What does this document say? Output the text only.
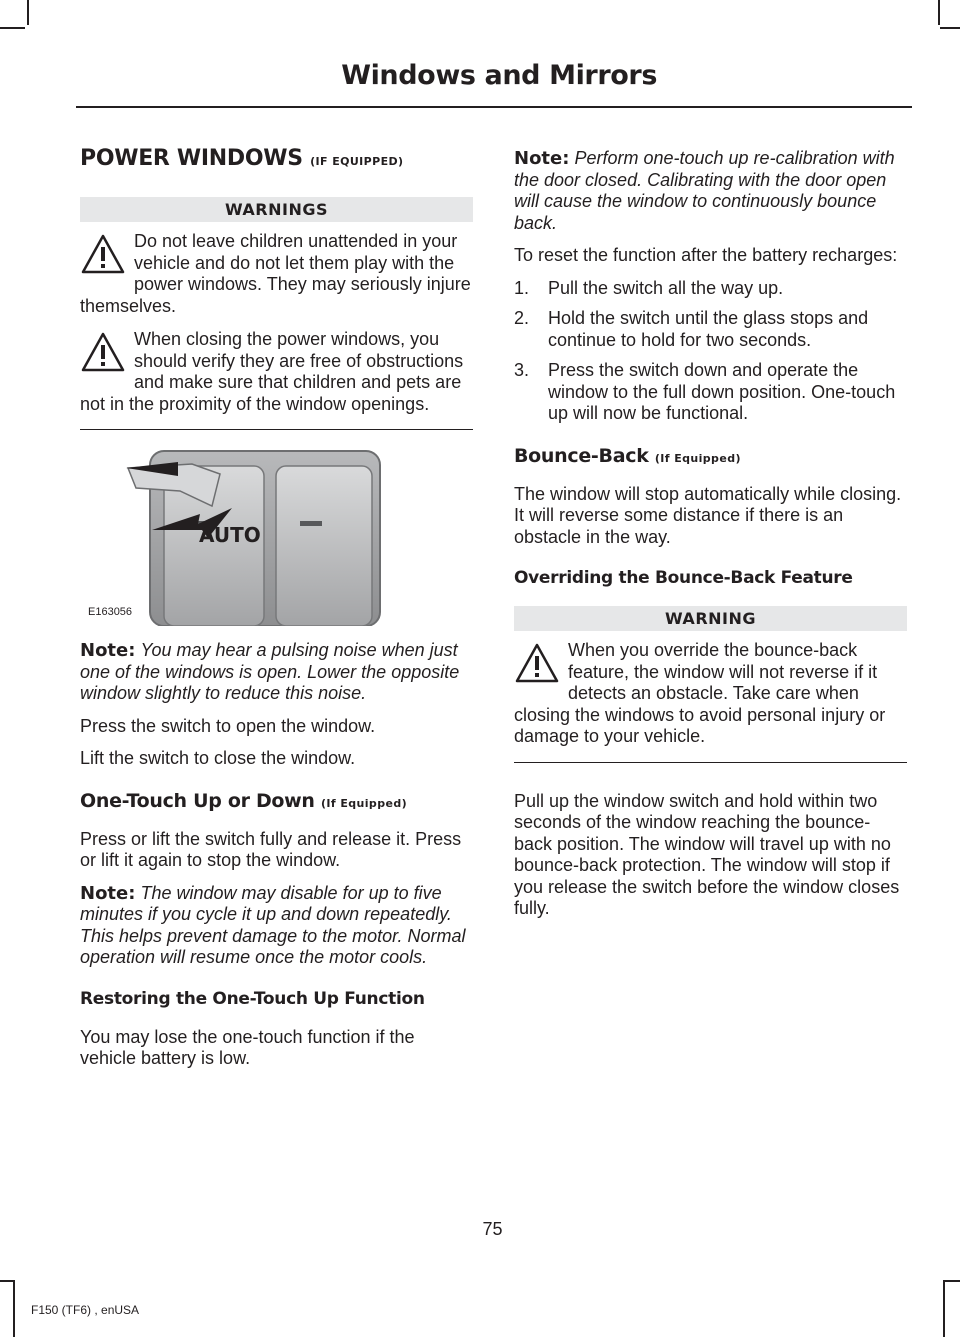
Windows and Mirrors
POWER WINDOWS (IF EQUIPPED)
WARNINGS
Do not leave children unattended in your vehicle and do not let them play with the power windows. They may seriously injure themselves.
When closing the power windows, you should verify they are free of obstructions and make sure that children and pets are not in the proximity of the window openings.
AUTO
E163056

Note: You may hear a pulsing noise when just one of the windows is open. Lower the opposite window slightly to reduce this noise.

Press the switch to open the window.

Lift the switch to close the window.

One-Touch Up or Down (If Equipped)

Press or lift the switch fully and release it. Press or lift it again to stop the window.

Note: The window may disable for up to five minutes if you cycle it up and down repeatedly. This helps prevent damage to the motor. Normal operation will resume once the motor cools.

Restoring the One-Touch Up Function

You may lose the one-touch function if the vehicle battery is low.

Note: Perform one-touch up re-calibration with the door closed. Calibrating with the door open will cause the window to continuously bounce back.

To reset the function after the battery recharges:

1. Pull the switch all the way up.
2. Hold the switch until the glass stops and continue to hold for two seconds.
3. Press the switch down and operate the window to the full down position. One-touch up will now be functional.
Bounce-Back (If Equipped)

The window will stop automatically while closing. It will reverse some distance if there is an obstacle in the way.

Overriding the Bounce-Back Feature
WARNING
When you override the bounce-back feature, the window will not reverse if it detects an obstacle. Take care when closing the windows to avoid personal injury or damage to your vehicle.

Pull up the window switch and hold within two seconds of the window reaching the bounce-back position. The window will travel up with no bounce-back protection. The window will stop if you release the switch before the window closes fully.

75
F150 (TF6) , enUSA
